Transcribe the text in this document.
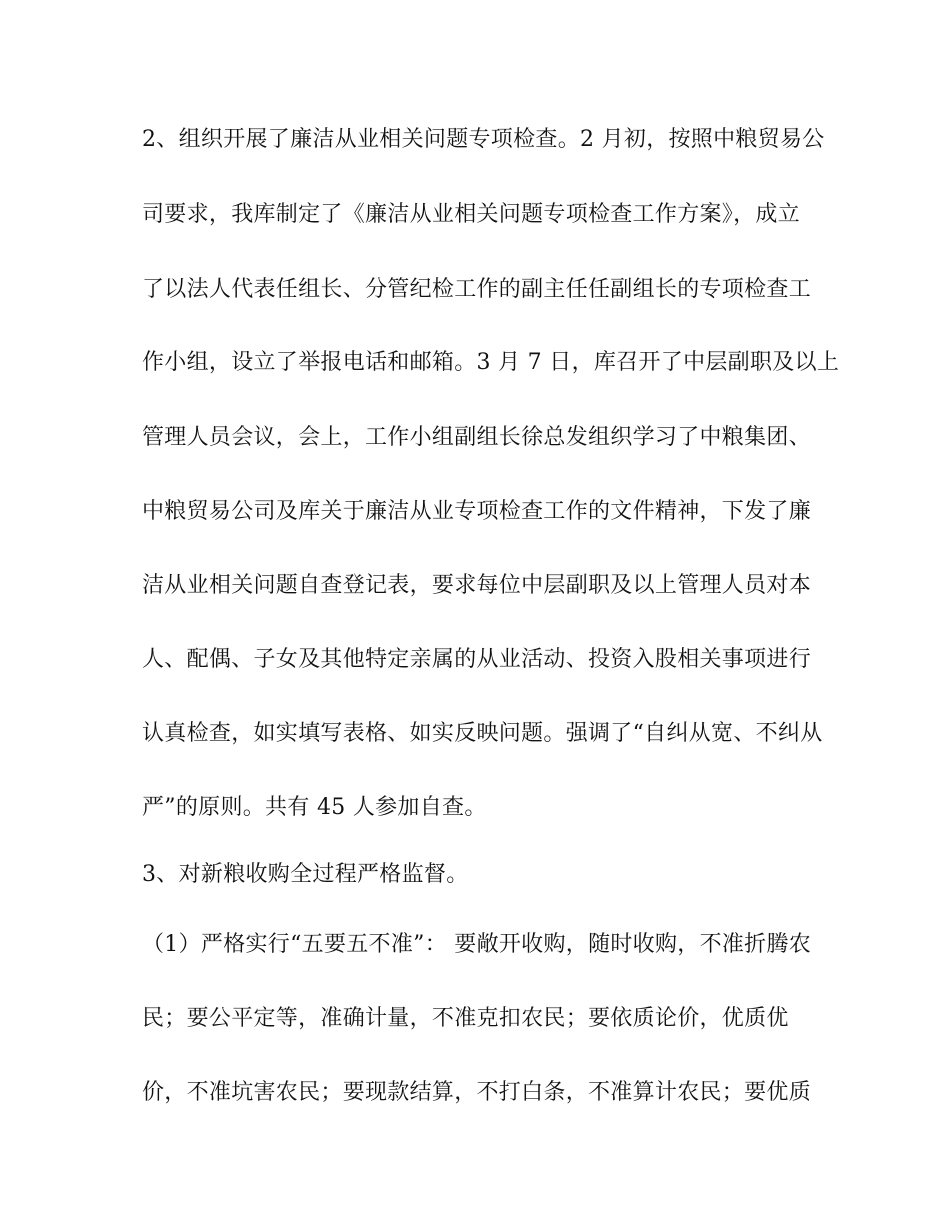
2、组织开展了廉洁从业相关问题专项检查。2 月初，按照中粮贸易公
司要求，我库制定了《廉洁从业相关问题专项检查工作方案》，成立
了以法人代表任组长、分管纪检工作的副主任任副组长的专项检查工
作小组，设立了举报电话和邮箱。3 月 7 日，库召开了中层副职及以上
管理人员会议，会上，工作小组副组长徐总发组织学习了中粮集团、
中粮贸易公司及库关于廉洁从业专项检查工作的文件精神，下发了廉
洁从业相关问题自查登记表，要求每位中层副职及以上管理人员对本
人、配偶、子女及其他特定亲属的从业活动、投资入股相关事项进行
认真检查，如实填写表格、如实反映问题。强调了“自纠从宽、不纠从
严”的原则。共有 45 人参加自查。
3、对新粮收购全过程严格监督。
（1）严格实行“五要五不准”： 要敞开收购，随时收购，不准折腾农
民；要公平定等，准确计量，不准克扣农民；要依质论价，优质优
价，不准坑害农民；要现款结算，不打白条，不准算计农民；要优质
